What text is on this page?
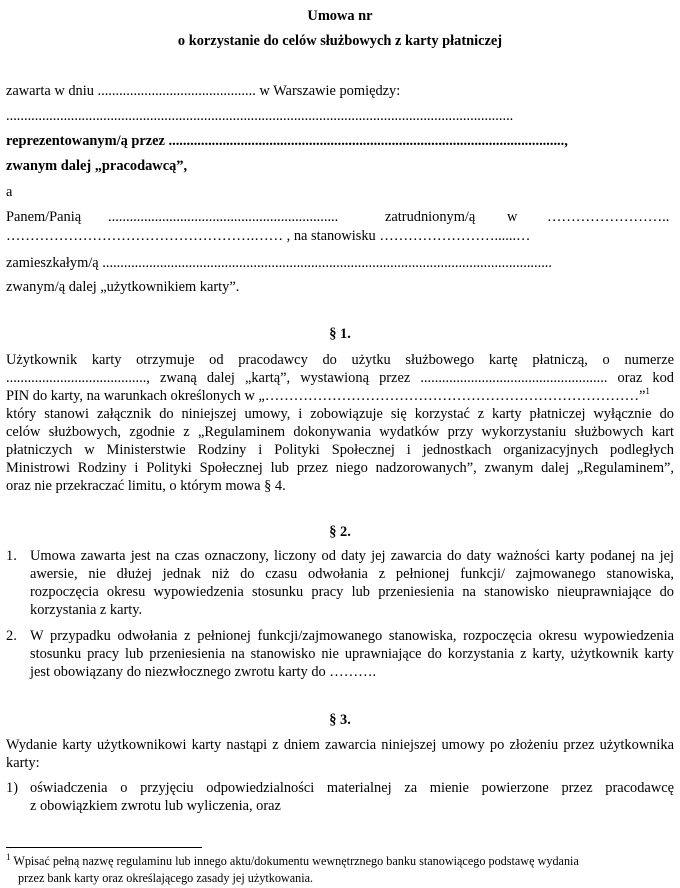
Umowa nr
o korzystanie do celów służbowych z karty płatniczej
zawarta w dniu ............................................ w Warszawie pomiędzy:
.............................................................................................................................................
reprezentowanym/ą przez ..............................................................................................................,
zwanym dalej „pracodawcą”,
a
Panem/Panią ................................................................	zatrudnionym/ą w ……………………..
…………………………………………….…… , na stanowisku ……………………......…
zamieszkałym/ą .............................................................................................................................
zwanym/ą dalej „użytkownikiem karty”.
§ 1.
Użytkownik karty otrzymuje od pracodawcy do użytku służbowego kartę płatniczą, o numerze
......................................., zwaną dalej „kartą”, wystawioną przez .................................................... oraz kod
PIN do karty, na warunkach określonych w „……………………………………………………………………”$^1$
który stanowi załącznik do niniejszej umowy, i zobowiązuje się korzystać z karty płatniczej wyłącznie do
celów służbowych, zgodnie z „Regulaminem dokonywania wydatków przy wykorzystaniu służbowych kart
płatniczych w Ministerstwie Rodziny i Polityki Społecznej i jednostkach organizacyjnych podległych
Ministrowi Rodziny i Polityki Społecznej lub przez niego nadzorowanych”, zwanym dalej „Regulaminem”,
oraz nie przekraczać limitu, o którym mowa § 4.
§ 2.
1. Umowa zawarta jest na czas oznaczony, liczony od daty jej zawarcia do daty ważności karty podanej na jej
awersie, nie dłużej jednak niż do czasu odwołania z pełnionej funkcji/ zajmowanego stanowiska,
rozpoczęcia okresu wypowiedzenia stosunku pracy lub przeniesienia na stanowisko nieuprawniające do
korzystania z karty.
2. W przypadku odwołania z pełnionej funkcji/zajmowanego stanowiska, rozpoczęcia okresu wypowiedzenia
stosunku pracy lub przeniesienia na stanowisko nie uprawniające do korzystania z karty, użytkownik karty
jest obowiązany do niezwłocznego zwrotu karty do ……….
§ 3.
Wydanie karty użytkownikowi karty nastąpi z dniem zawarcia niniejszej umowy po złożeniu przez użytkownika
karty:
1) oświadczenia o przyjęciu odpowiedzialności materialnej za mienie powierzone przez pracodawcę
z obowiązkiem zwrotu lub wyliczenia, oraz
$^1$ Wpisać pełną nazwę regulaminu lub innego aktu/dokumentu wewnętrznego banku stanowiącego podstawę wydania
przez bank karty oraz określającego zasady jej użytkowania.
